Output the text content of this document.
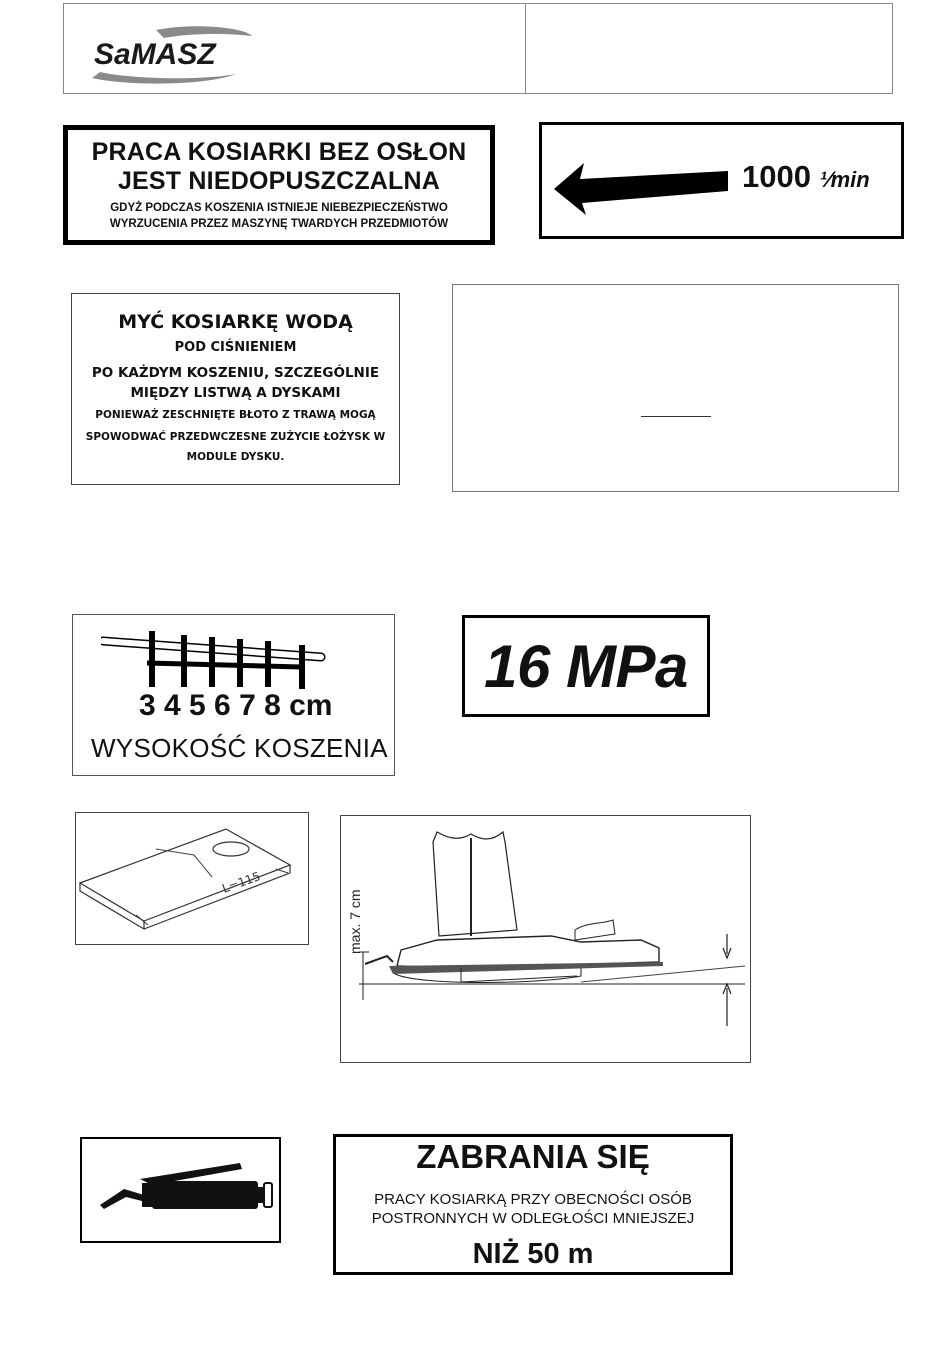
SaMASZ
PRACA KOSIARKI BEZ OSŁON
JEST NIEDOPUSZCZALNA
GDYŻ PODCZAS KOSZENIA ISTNIEJE NIEBEZPIECZEŃSTWO
WYRZUCENIA PRZEZ MASZYNĘ TWARDYCH PRZEDMIOTÓW
1000 ¹⁄min
MYĆ KOSIARKĘ WODĄ
POD CIŚNIENIEM
PO KAŻDYM KOSZENIU, SZCZEGÓLNIE
MIĘDZY LISTWĄ A DYSKAMI
PONIEWAŻ ZESCHNIĘTE BŁOTO Z TRAWĄ MOGĄ
SPOWODWAĆ PRZEDWCZESNE ZUŻYCIE ŁOŻYSK W
MODULE DYSKU.
3 4 5 6 7 8 cm
WYSOKOŚĆ KOSZENIA
16 MPa
L=115
max. 7 cm
ZABRANIA SIĘ
PRACY KOSIARKĄ PRZY OBECNOŚCI OSÓB
POSTRONNYCH W ODLEGŁOŚCI MNIEJSZEJ
NIŻ 50 m
